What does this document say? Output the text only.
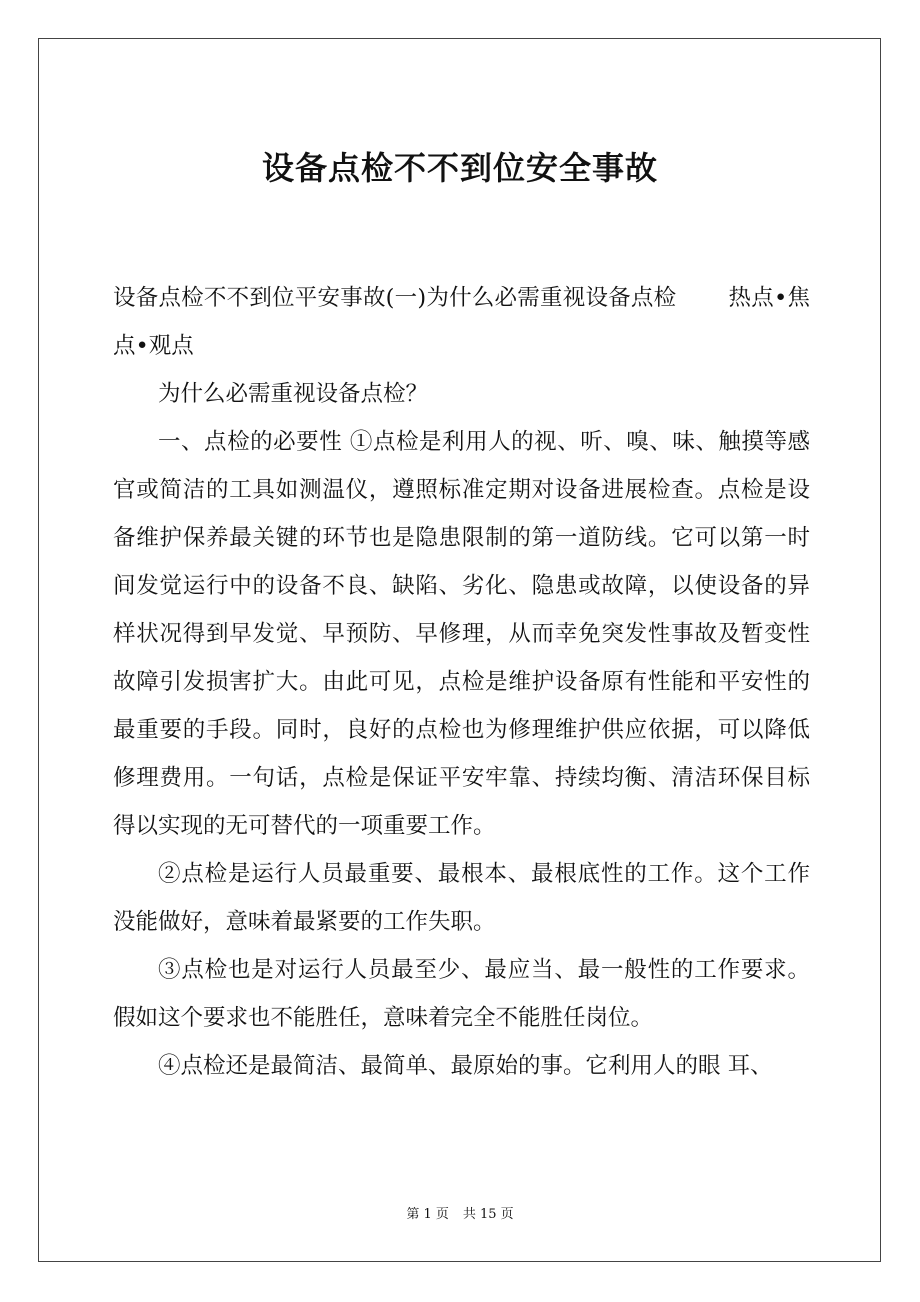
设备点检不不到位安全事故

设备点检不不到位平安事故(一)为什么必需重视设备点检 热点•焦点•观点

为什么必需重视设备点检？

一、点检的必要性 ①点检是利用人的视、听、嗅、味、触摸等感官或简洁的工具如测温仪，遵照标准定期对设备进展检查。点检是设备维护保养最关键的环节也是隐患限制的第一道防线。它可以第一时间发觉运行中的设备不良、缺陷、劣化、隐患或故障，以使设备的异样状况得到早发觉、早预防、早修理，从而幸免突发性事故及暂变性故障引发损害扩大。由此可见，点检是维护设备原有性能和平安性的最重要的手段。同时，良好的点检也为修理维护供应依据，可以降低修理费用。一句话，点检是保证平安牢靠、持续均衡、清洁环保目标得以实现的无可替代的一项重要工作。

②点检是运行人员最重要、最根本、最根底性的工作。这个工作没能做好，意味着最紧要的工作失职。

③点检也是对运行人员最至少、最应当、最一般性的工作要求。假如这个要求也不能胜任，意味着完全不能胜任岗位。

④点检还是最简洁、最简单、最原始的事。它利用人的眼 耳、

第 1 页 共 15 页
